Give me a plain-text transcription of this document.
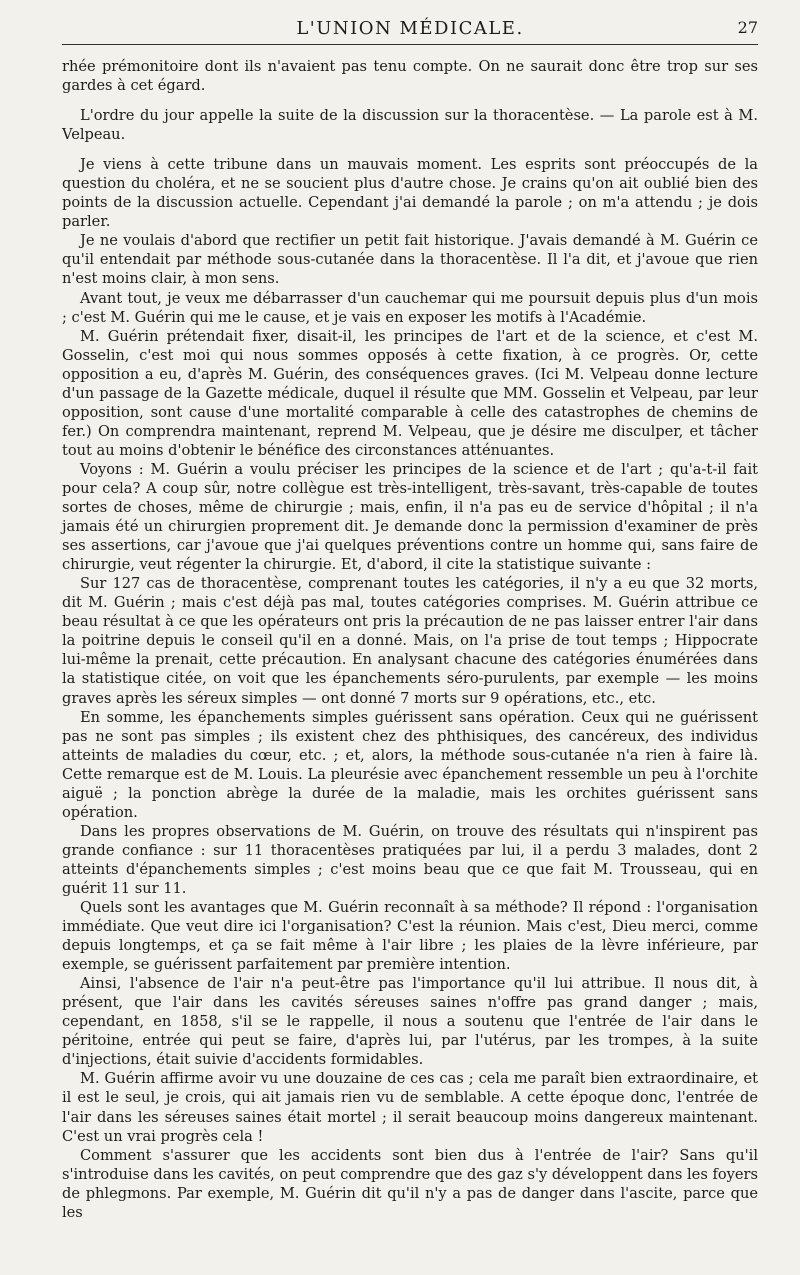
L'UNION MÉDICALE.	27

rhée prémonitoire dont ils n'avaient pas tenu compte. On ne saurait donc être trop sur ses gardes à cet égard.

L'ordre du jour appelle la suite de la discussion sur la thoracentèse. — La parole est à M. Velpeau.

Je viens à cette tribune dans un mauvais moment. Les esprits sont préoccupés de la question du choléra, et ne se soucient plus d'autre chose. Je crains qu'on ait oublié bien des points de la discussion actuelle. Cependant j'ai demandé la parole ; on m'a attendu ; je dois parler.

Je ne voulais d'abord que rectifier un petit fait historique. J'avais demandé à M. Guérin ce qu'il entendait par méthode sous-cutanée dans la thoracentèse. Il l'a dit, et j'avoue que rien n'est moins clair, à mon sens.

Avant tout, je veux me débarrasser d'un cauchemar qui me poursuit depuis plus d'un mois ; c'est M. Guérin qui me le cause, et je vais en exposer les motifs à l'Académie.

M. Guérin prétendait fixer, disait-il, les principes de l'art et de la science, et c'est M. Gosselin, c'est moi qui nous sommes opposés à cette fixation, à ce progrès. Or, cette opposition a eu, d'après M. Guérin, des conséquences graves. (Ici M. Velpeau donne lecture d'un passage de la Gazette médicale, duquel il résulte que MM. Gosselin et Velpeau, par leur opposition, sont cause d'une mortalité comparable à celle des catastrophes de chemins de fer.) On comprendra maintenant, reprend M. Velpeau, que je désire me disculper, et tâcher tout au moins d'obtenir le bénéfice des circonstances atténuantes.

Voyons : M. Guérin a voulu préciser les principes de la science et de l'art ; qu'a-t-il fait pour cela? A coup sûr, notre collègue est très-intelligent, très-savant, très-capable de toutes sortes de choses, même de chirurgie ; mais, enfin, il n'a pas eu de service d'hôpital ; il n'a jamais été un chirurgien proprement dit. Je demande donc la permission d'examiner de près ses assertions, car j'avoue que j'ai quelques préventions contre un homme qui, sans faire de chirurgie, veut régenter la chirurgie. Et, d'abord, il cite la statistique suivante :

Sur 127 cas de thoracentèse, comprenant toutes les catégories, il n'y a eu que 32 morts, dit M. Guérin ; mais c'est déjà pas mal, toutes catégories comprises. M. Guérin attribue ce beau résultat à ce que les opérateurs ont pris la précaution de ne pas laisser entrer l'air dans la poitrine depuis le conseil qu'il en a donné. Mais, on l'a prise de tout temps ; Hippocrate lui-même la prenait, cette précaution. En analysant chacune des catégories énumérées dans la statistique citée, on voit que les épanchements séro-purulents, par exemple — les moins graves après les séreux simples — ont donné 7 morts sur 9 opérations, etc., etc.

En somme, les épanchements simples guérissent sans opération. Ceux qui ne guérissent pas ne sont pas simples ; ils existent chez des phthisiques, des cancéreux, des individus atteints de maladies du cœur, etc. ; et, alors, la méthode sous-cutanée n'a rien à faire là. Cette remarque est de M. Louis. La pleurésie avec épanchement ressemble un peu à l'orchite aiguë ; la ponction abrège la durée de la maladie, mais les orchites guérissent sans opération.

Dans les propres observations de M. Guérin, on trouve des résultats qui n'inspirent pas grande confiance : sur 11 thoracentèses pratiquées par lui, il a perdu 3 malades, dont 2 atteints d'épanchements simples ; c'est moins beau que ce que fait M. Trousseau, qui en guérit 11 sur 11.

Quels sont les avantages que M. Guérin reconnaît à sa méthode? Il répond : l'organisation immédiate. Que veut dire ici l'organisation? C'est la réunion. Mais c'est, Dieu merci, comme depuis longtemps, et ça se fait même à l'air libre ; les plaies de la lèvre inférieure, par exemple, se guérissent parfaitement par première intention.

Ainsi, l'absence de l'air n'a peut-être pas l'importance qu'il lui attribue. Il nous dit, à présent, que l'air dans les cavités séreuses saines n'offre pas grand danger ; mais, cependant, en 1858, s'il se le rappelle, il nous a soutenu que l'entrée de l'air dans le péritoine, entrée qui peut se faire, d'après lui, par l'utérus, par les trompes, à la suite d'injections, était suivie d'accidents formidables.

M. Guérin affirme avoir vu une douzaine de ces cas ; cela me paraît bien extraordinaire, et il est le seul, je crois, qui ait jamais rien vu de semblable. A cette époque donc, l'entrée de l'air dans les séreuses saines était mortel ; il serait beaucoup moins dangereux maintenant. C'est un vrai progrès cela !

Comment s'assurer que les accidents sont bien dus à l'entrée de l'air? Sans qu'il s'introduise dans les cavités, on peut comprendre que des gaz s'y développent dans les foyers de phlegmons. Par exemple, M. Guérin dit qu'il n'y a pas de danger dans l'ascite, parce que les
